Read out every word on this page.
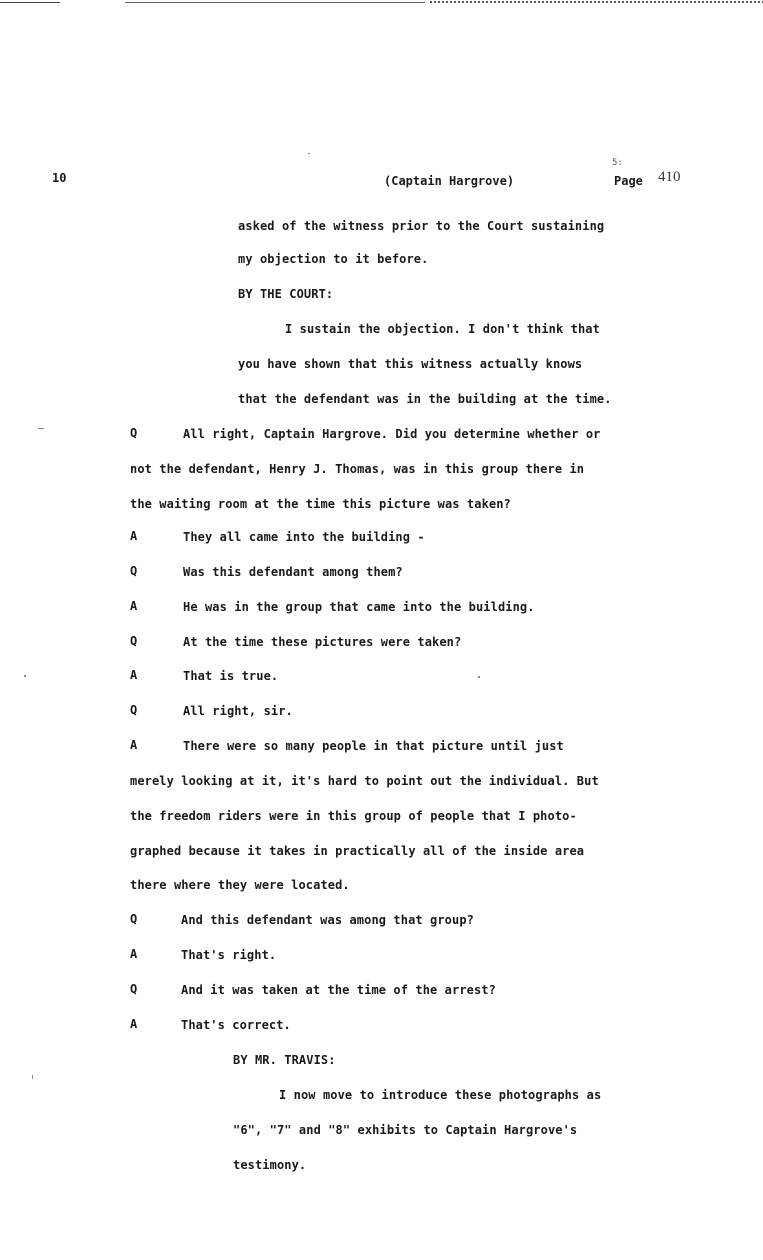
10
5:
(Captain Hargrove)	Page 410
asked of the witness prior to the Court sustaining
my objection to it before.
BY THE COURT:
I sustain the objection. I don't think that
you have shown that this witness actually knows
that the defendant was in the building at the time.
Q	All right, Captain Hargrove. Did you determine whether or
not the defendant, Henry J. Thomas, was in this group there in
the waiting room at the time this picture was taken?
A	They all came into the building -
Q	Was this defendant among them?
A	He was in the group that came into the building.
Q	At the time these pictures were taken?
A	That is true.
Q	All right, sir.
A	There were so many people in that picture until just
merely looking at it, it's hard to point out the individual. But
the freedom riders were in this group of people that I photo-
graphed because it takes in practically all of the inside area
there where they were located.
Q	And this defendant was among that group?
A	That's right.
Q	And it was taken at the time of the arrest?
A	That's correct.
BY MR. TRAVIS:
I now move to introduce these photographs as
"6", "7" and "8" exhibits to Captain Hargrove's
testimony.
